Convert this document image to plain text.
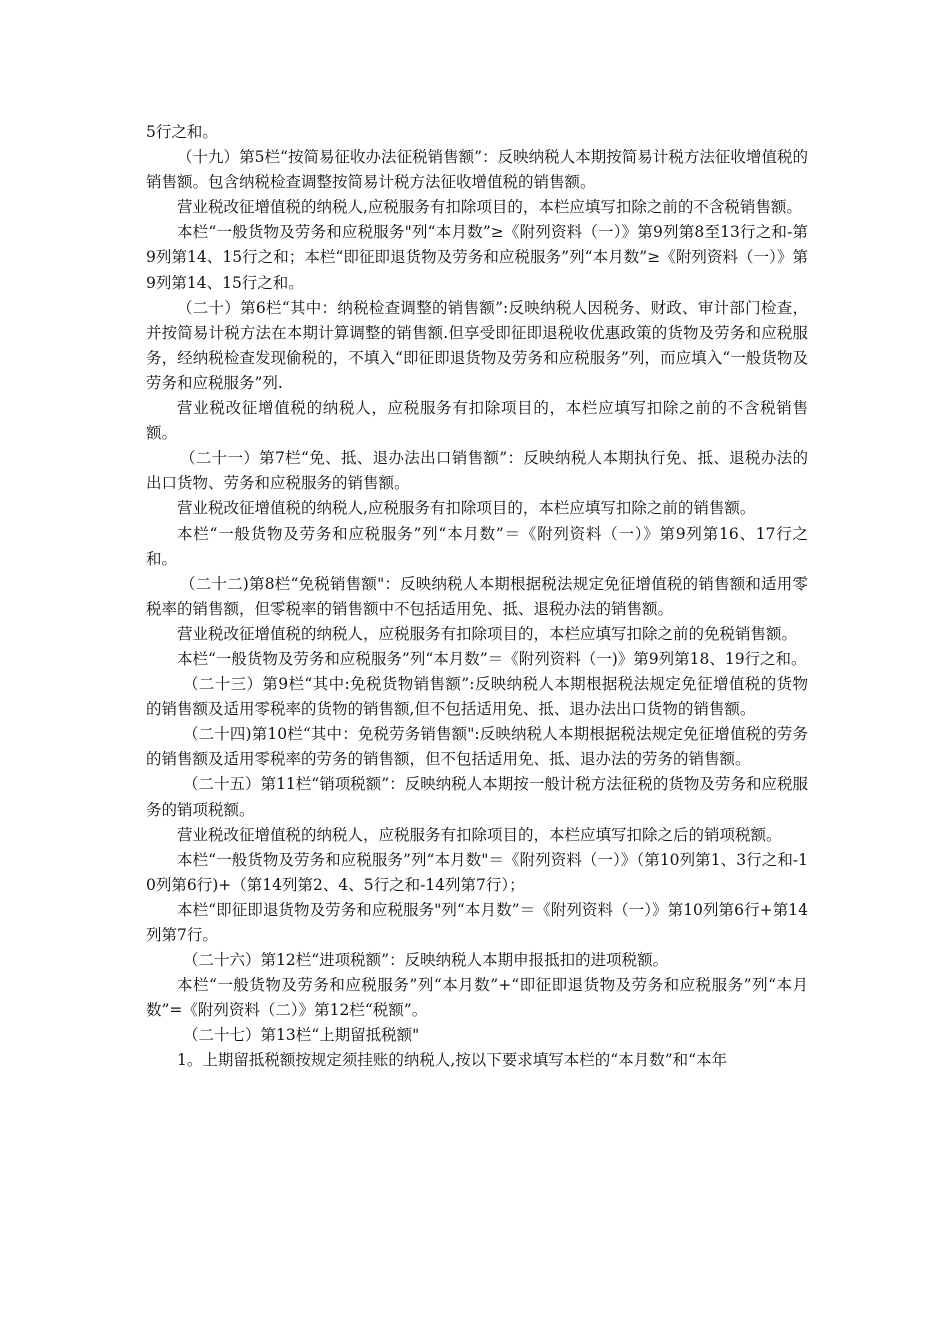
5行之和。

（十九）第5栏“按简易征收办法征税销售额”：反映纳税人本期按简易计税方法征收增值税的销售额。包含纳税检查调整按简易计税方法征收增值税的销售额。

营业税改征增值税的纳税人,应税服务有扣除项目的，本栏应填写扣除之前的不含税销售额。

本栏“一般货物及劳务和应税服务"列“本月数”≥《附列资料（一）》第9列第8至13行之和-第9列第14、15行之和；本栏“即征即退货物及劳务和应税服务”列“本月数”≥《附列资料（一）》第9列第14、15行之和。

（二十）第6栏“其中：纳税检查调整的销售额”:反映纳税人因税务、财政、审计部门检查，并按简易计税方法在本期计算调整的销售额.但享受即征即退税收优惠政策的货物及劳务和应税服务，经纳税检查发现偷税的，不填入“即征即退货物及劳务和应税服务”列，而应填入“一般货物及劳务和应税服务”列.

营业税改征增值税的纳税人，应税服务有扣除项目的，本栏应填写扣除之前的不含税销售额。

（二十一）第7栏“免、抵、退办法出口销售额”：反映纳税人本期执行免、抵、退税办法的出口货物、劳务和应税服务的销售额。

营业税改征增值税的纳税人,应税服务有扣除项目的，本栏应填写扣除之前的销售额。

本栏“一般货物及劳务和应税服务”列“本月数”＝《附列资料（一）》第9列第16、17行之和。

（二十二)第8栏“免税销售额"：反映纳税人本期根据税法规定免征增值税的销售额和适用零税率的销售额，但零税率的销售额中不包括适用免、抵、退税办法的销售额。

营业税改征增值税的纳税人，应税服务有扣除项目的，本栏应填写扣除之前的免税销售额。

本栏“一般货物及劳务和应税服务”列“本月数”＝《附列资料（一)》第9列第18、19行之和。

（二十三）第9栏“其中:免税货物销售额”:反映纳税人本期根据税法规定免征增值税的货物的销售额及适用零税率的货物的销售额,但不包括适用免、抵、退办法出口货物的销售额。

（二十四)第10栏“其中：免税劳务销售额":反映纳税人本期根据税法规定免征增值税的劳务的销售额及适用零税率的劳务的销售额，但不包括适用免、抵、退办法的劳务的销售额。

（二十五）第11栏“销项税额”：反映纳税人本期按一般计税方法征税的货物及劳务和应税服务的销项税额。

营业税改征增值税的纳税人，应税服务有扣除项目的，本栏应填写扣除之后的销项税额。

本栏“一般货物及劳务和应税服务”列“本月数"＝《附列资料（一）》（第10列第1、3行之和-10列第6行)+（第14列第2、4、5行之和-14列第7行）；

本栏“即征即退货物及劳务和应税服务"列“本月数”＝《附列资料（一）》第10列第6行+第14列第7行。

（二十六）第12栏“进项税额”：反映纳税人本期申报抵扣的进项税额。

本栏“一般货物及劳务和应税服务”列“本月数”+“即征即退货物及劳务和应税服务”列“本月数”=《附列资料（二）》第12栏“税额”。

（二十七）第13栏“上期留抵税额"

1。上期留抵税额按规定须挂账的纳税人,按以下要求填写本栏的“本月数”和“本年
